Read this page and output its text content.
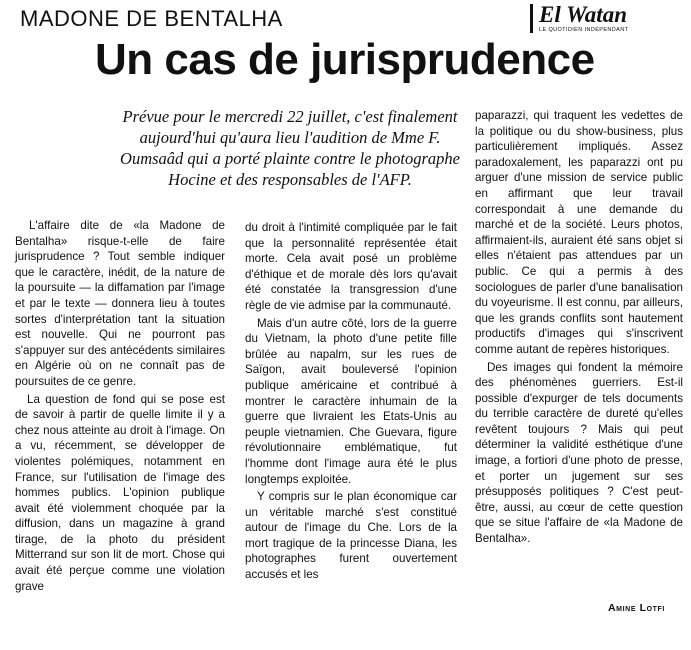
MADONE DE BENTALHA	El Watan
LE QUOTIDIEN INDÉPENDANT
Un cas de jurisprudence
Prévue pour le mercredi 22 juillet, c'est finalement aujourd'hui qu'aura lieu l'audition de Mme F. Oumsaâd qui a porté plainte contre le photographe Hocine et des responsables de l'AFP.

L'affaire dite de «la Madone de Bentalha» risque-t-elle de faire jurisprudence ? Tout semble indiquer que le caractère, inédit, de la nature de la poursuite — la diffamation par l'image et par le texte — donnera lieu à toutes sortes d'interprétation tant la situation est nouvelle. Qui ne pourront pas s'appuyer sur des antécédents similaires en Algérie où on ne connaît pas de poursuites de ce genre.

La question de fond qui se pose est de savoir à partir de quelle limite il y a chez nous atteinte au droit à l'image. On a vu, récemment, se développer de violentes polémiques, notamment en France, sur l'utilisation de l'image des hommes publics. L'opinion publique avait été violemment choquée par la diffusion, dans un magazine à grand tirage, de la photo du président Mitterrand sur son lit de mort. Chose qui avait été perçue comme une violation grave

du droit à l'intimité compliquée par le fait que la personnalité représentée était morte. Cela avait posé un problème d'éthique et de morale dès lors qu'avait été constatée la transgression d'une règle de vie admise par la communauté.

Mais d'un autre côté, lors de la guerre du Vietnam, la photo d'une petite fille brûlée au napalm, sur les rues de Saïgon, avait bouleversé l'opinion publique américaine et contribué à montrer le caractère inhumain de la guerre que livraient les Etats-Unis au peuple vietnamien. Che Guevara, figure révolutionnaire emblématique, fut l'homme dont l'image aura été le plus longtemps exploitée.

Y compris sur le plan économique car un véritable marché s'est constitué autour de l'image du Che. Lors de la mort tragique de la princesse Diana, les photographes furent ouvertement accusés et les

paparazzi, qui traquent les vedettes de la politique ou du show-business, plus particulièrement impliqués. Assez paradoxalement, les paparazzi ont pu arguer d'une mission de service public en affirmant que leur travail correspondait à une demande du marché et de la société. Leurs photos, affirmaient-ils, auraient été sans objet si elles n'étaient pas attendues par un public. Ce qui a permis à des sociologues de parler d'une banalisation du voyeurisme. Il est connu, par ailleurs, que les grands conflits sont hautement productifs d'images qui s'inscrivent comme autant de repères historiques.

Des images qui fondent la mémoire des phénomènes guerriers. Est-il possible d'expurger de tels documents du terrible caractère de dureté qu'elles revêtent toujours ? Mais qui peut déterminer la validité esthétique d'une image, a fortiori d'une photo de presse, et porter un jugement sur ses présupposés politiques ? C'est peut-être, aussi, au cœur de cette question que se situe l'affaire de «la Madone de Bentalha».

Amine Lotfi
